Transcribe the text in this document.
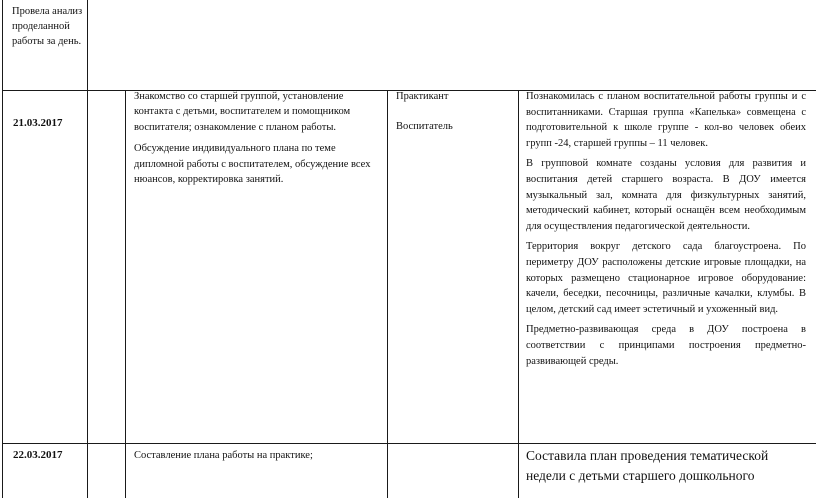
Провела анализ проделанной работы за день.
21.03.2017

Знакомство со старшей группой, установление контакта с детьми, воспитателем и помощником воспитателя; ознакомление с планом работы.

Обсуждение индивидуального плана по теме дипломной работы с воспитателем, обсуждение всех нюансов, корректировка занятий.

Практикант

Воспитатель

Познакомилась с планом воспитательной работы группы и с воспитанниками. Старшая группа «Капелька» совмещена с подготовительной к школе группе - кол-во человек обеих групп -24, старшей группы – 11 человек.

В групповой комнате созданы условия для развития и воспитания детей старшего возраста. В ДОУ имеется музыкальный зал, комната для физкультурных занятий, методический кабинет, который оснащён всем необходимым для осуществления педагогической деятельности.

Территория вокруг детского сада благоустроена. По периметру ДОУ расположены детские игровые площадки, на которых размещено стационарное игровое оборудование: качели, беседки, песочницы, различные качалки, клумбы. В целом, детский сад имеет эстетичный и ухоженный вид.

Предметно-развивающая среда в ДОУ построена в соответствии с принципами построения предметно-развивающей среды.

22.03.2017	Составление плана работы на практике;	Составила план проведения тематической недели с детьми старшего дошкольного
